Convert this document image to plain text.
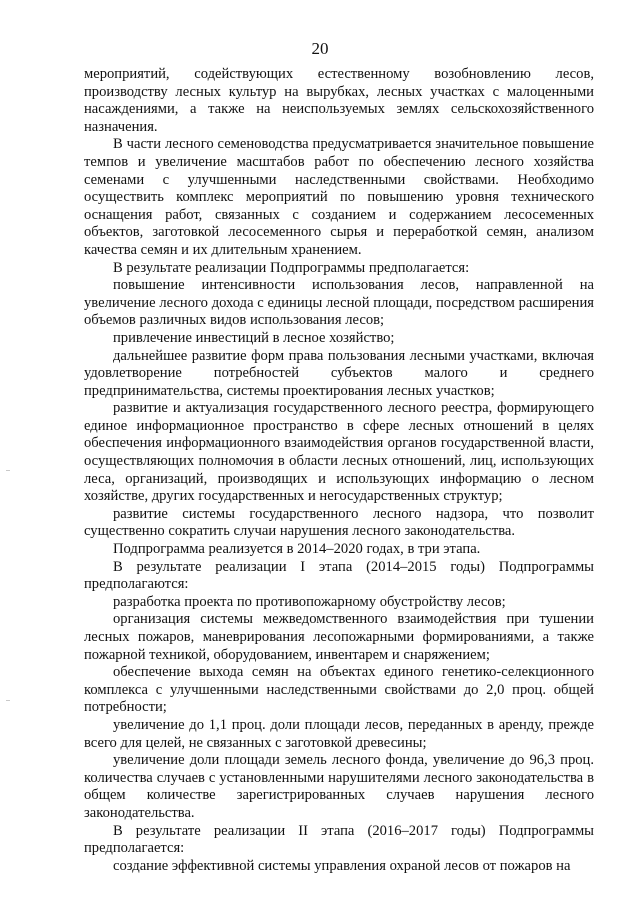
20

мероприятий, содействующих естественному возобновлению лесов, производству лесных культур на вырубках, лесных участках с малоценными насаждениями, а также на неиспользуемых землях сельскохозяйственного назначения.

В части лесного семеноводства предусматривается значительное повышение темпов и увеличение масштабов работ по обеспечению лесного хозяйства семенами с улучшенными наследственными свойствами. Необходимо осуществить комплекс мероприятий по повышению уровня технического оснащения работ, связанных с созданием и содержанием лесосеменных объектов, заготовкой лесосеменного сырья и переработкой семян, анализом качества семян и их длительным хранением.

В результате реализации Подпрограммы предполагается:

повышение интенсивности использования лесов, направленной на увеличение лесного дохода с единицы лесной площади, посредством расширения объемов различных видов использования лесов;

привлечение инвестиций в лесное хозяйство;

дальнейшее развитие форм права пользования лесными участками, включая удовлетворение потребностей субъектов малого и среднего предпринимательства, системы проектирования лесных участков;

развитие и актуализация государственного лесного реестра, формирующего единое информационное пространство в сфере лесных отношений в целях обеспечения информационного взаимодействия органов государственной власти, осуществляющих полномочия в области лесных отношений, лиц, использующих леса, организаций, производящих и использующих информацию о лесном хозяйстве, других государственных и негосударственных структур;

развитие системы государственного лесного надзора, что позволит существенно сократить случаи нарушения лесного законодательства.

Подпрограмма реализуется в 2014–2020 годах, в три этапа.

В результате реализации I этапа (2014–2015 годы) Подпрограммы предполагаются:

разработка проекта по противопожарному обустройству лесов;

организация системы межведомственного взаимодействия при тушении лесных пожаров, маневрирования лесопожарными формированиями, а также пожарной техникой, оборудованием, инвентарем и снаряжением;

обеспечение выхода семян на объектах единого генетико-селекционного комплекса с улучшенными наследственными свойствами до 2,0 проц. общей потребности;

увеличение до 1,1 проц. доли площади лесов, переданных в аренду, прежде всего для целей, не связанных с заготовкой древесины;

увеличение доли площади земель лесного фонда, увеличение до 96,3 проц. количества случаев с установленными нарушителями лесного законодательства в общем количестве зарегистрированных случаев нарушения лесного законодательства.

В результате реализации II этапа (2016–2017 годы) Подпрограммы предполагается:

создание эффективной системы управления охраной лесов от пожаров на
